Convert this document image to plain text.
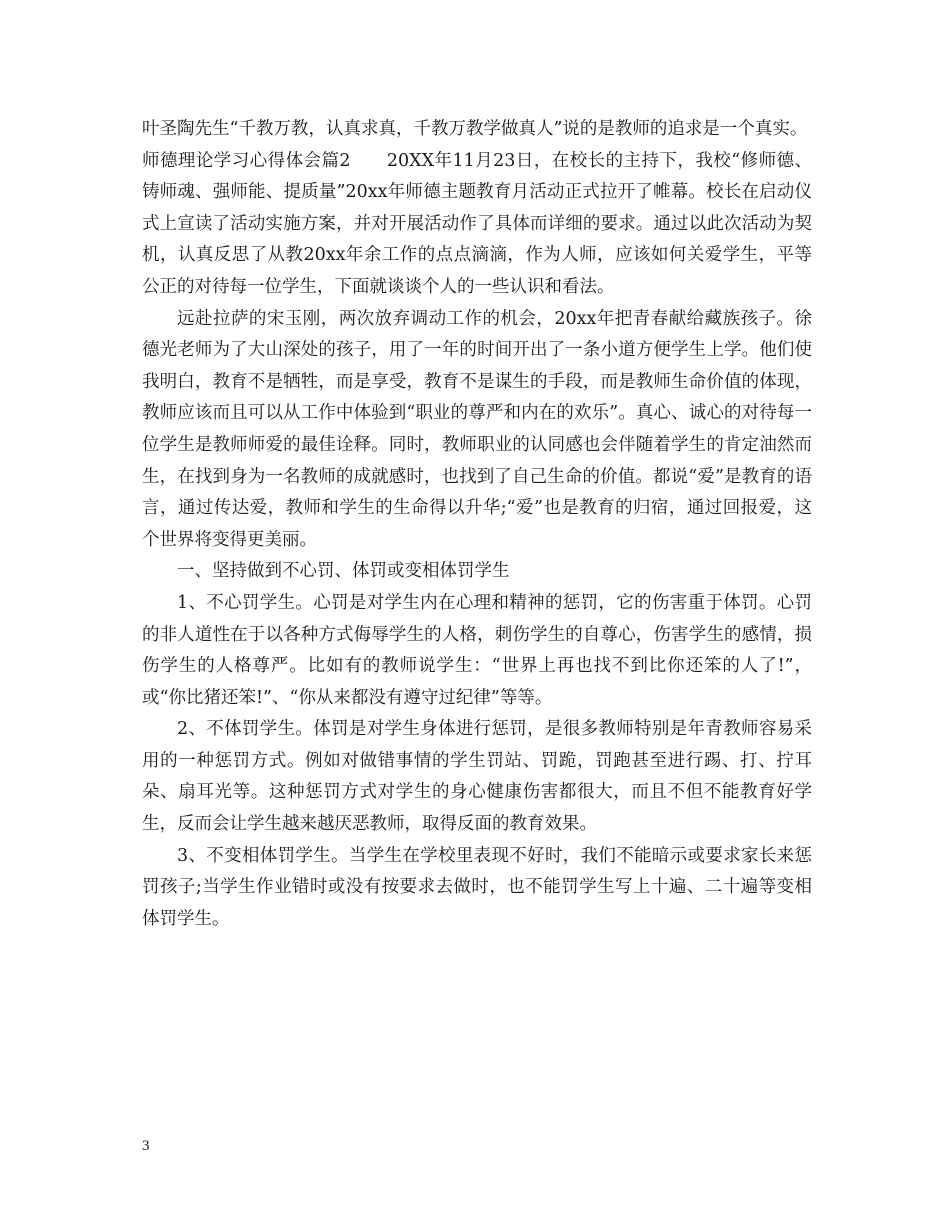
叶圣陶先生“千教万教，认真求真，千教万教学做真人”说的是教师的追求是一个真实。

师德理论学习心得体会篇2　　20XX年11月23日，在校长的主持下，我校“修师德、铸师魂、强师能、提质量”20xx年师德主题教育月活动正式拉开了帷幕。校长在启动仪式上宣读了活动实施方案，并对开展活动作了具体而详细的要求。通过以此次活动为契机，认真反思了从教20xx年余工作的点点滴滴，作为人师，应该如何关爱学生，平等公正的对待每一位学生，下面就谈谈个人的一些认识和看法。

远赴拉萨的宋玉刚，两次放弃调动工作的机会，20xx年把青春献给藏族孩子。徐德光老师为了大山深处的孩子，用了一年的时间开出了一条小道方便学生上学。他们使我明白，教育不是牺牲，而是享受，教育不是谋生的手段，而是教师生命价值的体现，教师应该而且可以从工作中体验到“职业的尊严和内在的欢乐”。真心、诚心的对待每一位学生是教师师爱的最佳诠释。同时，教师职业的认同感也会伴随着学生的肯定油然而生，在找到身为一名教师的成就感时，也找到了自己生命的价值。都说“爱”是教育的语言，通过传达爱，教师和学生的生命得以升华;“爱”也是教育的归宿，通过回报爱，这个世界将变得更美丽。

一、坚持做到不心罚、体罚或变相体罚学生

1、不心罚学生。心罚是对学生内在心理和精神的惩罚，它的伤害重于体罚。心罚的非人道性在于以各种方式侮辱学生的人格，刺伤学生的自尊心，伤害学生的感情，损伤学生的人格尊严。比如有的教师说学生：“世界上再也找不到比你还笨的人了!”，或“你比猪还笨!”、“你从来都没有遵守过纪律”等等。

2、不体罚学生。体罚是对学生身体进行惩罚，是很多教师特别是年青教师容易采用的一种惩罚方式。例如对做错事情的学生罚站、罚跪，罚跑甚至进行踢、打、拧耳朵、扇耳光等。这种惩罚方式对学生的身心健康伤害都很大，而且不但不能教育好学生，反而会让学生越来越厌恶教师，取得反面的教育效果。

3、不变相体罚学生。当学生在学校里表现不好时，我们不能暗示或要求家长来惩罚孩子;当学生作业错时或没有按要求去做时，也不能罚学生写上十遍、二十遍等变相体罚学生。

3
